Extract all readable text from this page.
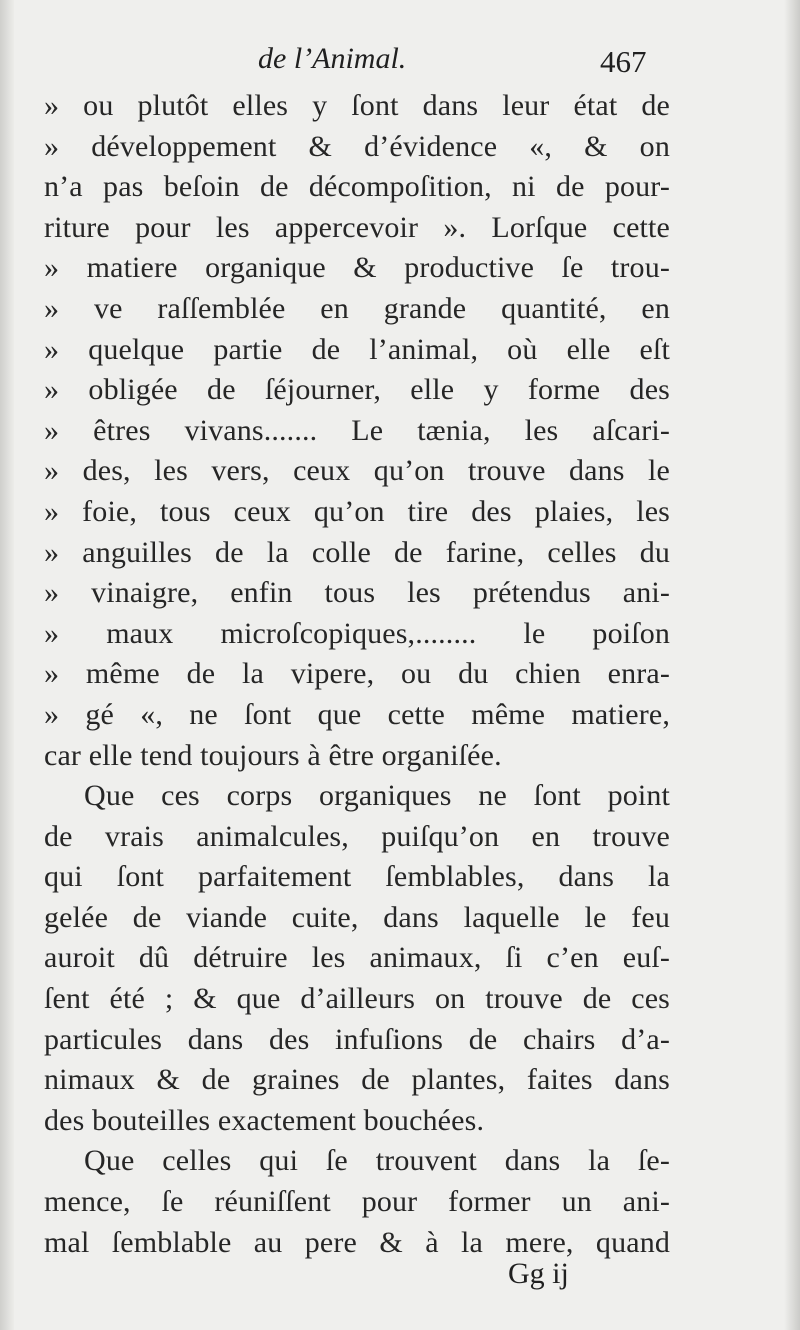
de l’Animal.	467
» ou plutôt elles y ſont dans leur état de
» développement & d’évidence «, & on
n’a pas beſoin de décompoſition, ni de pour-
riture pour les appercevoir ». Lorſque cette
» matiere organique & productive ſe trou-
» ve raſſemblée en grande quantité, en
» quelque partie de l’animal, où elle eſt
» obligée de ſéjourner, elle y forme des
» êtres vivans....... Le tænia, les aſcari-
» des, les vers, ceux qu’on trouve dans le
» foie, tous ceux qu’on tire des plaies, les
» anguilles de la colle de farine, celles du
» vinaigre, enfin tous les prétendus ani-
» maux microſcopiques,........ le poiſon
» même de la vipere, ou du chien enra-
» gé «, ne ſont que cette même matiere,
car elle tend toujours à être organiſée.
Que ces corps organiques ne ſont point
de vrais animalcules, puiſqu’on en trouve
qui ſont parfaitement ſemblables, dans la
gelée de viande cuite, dans laquelle le feu
auroit dû détruire les animaux, ſi c’en euſ-
ſent été ; & que d’ailleurs on trouve de ces
particules dans des infuſions de chairs d’a-
nimaux & de graines de plantes, faites dans
des bouteilles exactement bouchées.
Que celles qui ſe trouvent dans la ſe-
mence, ſe réuniſſent pour former un ani-
mal ſemblable au pere & à la mere, quand
Gg ij
